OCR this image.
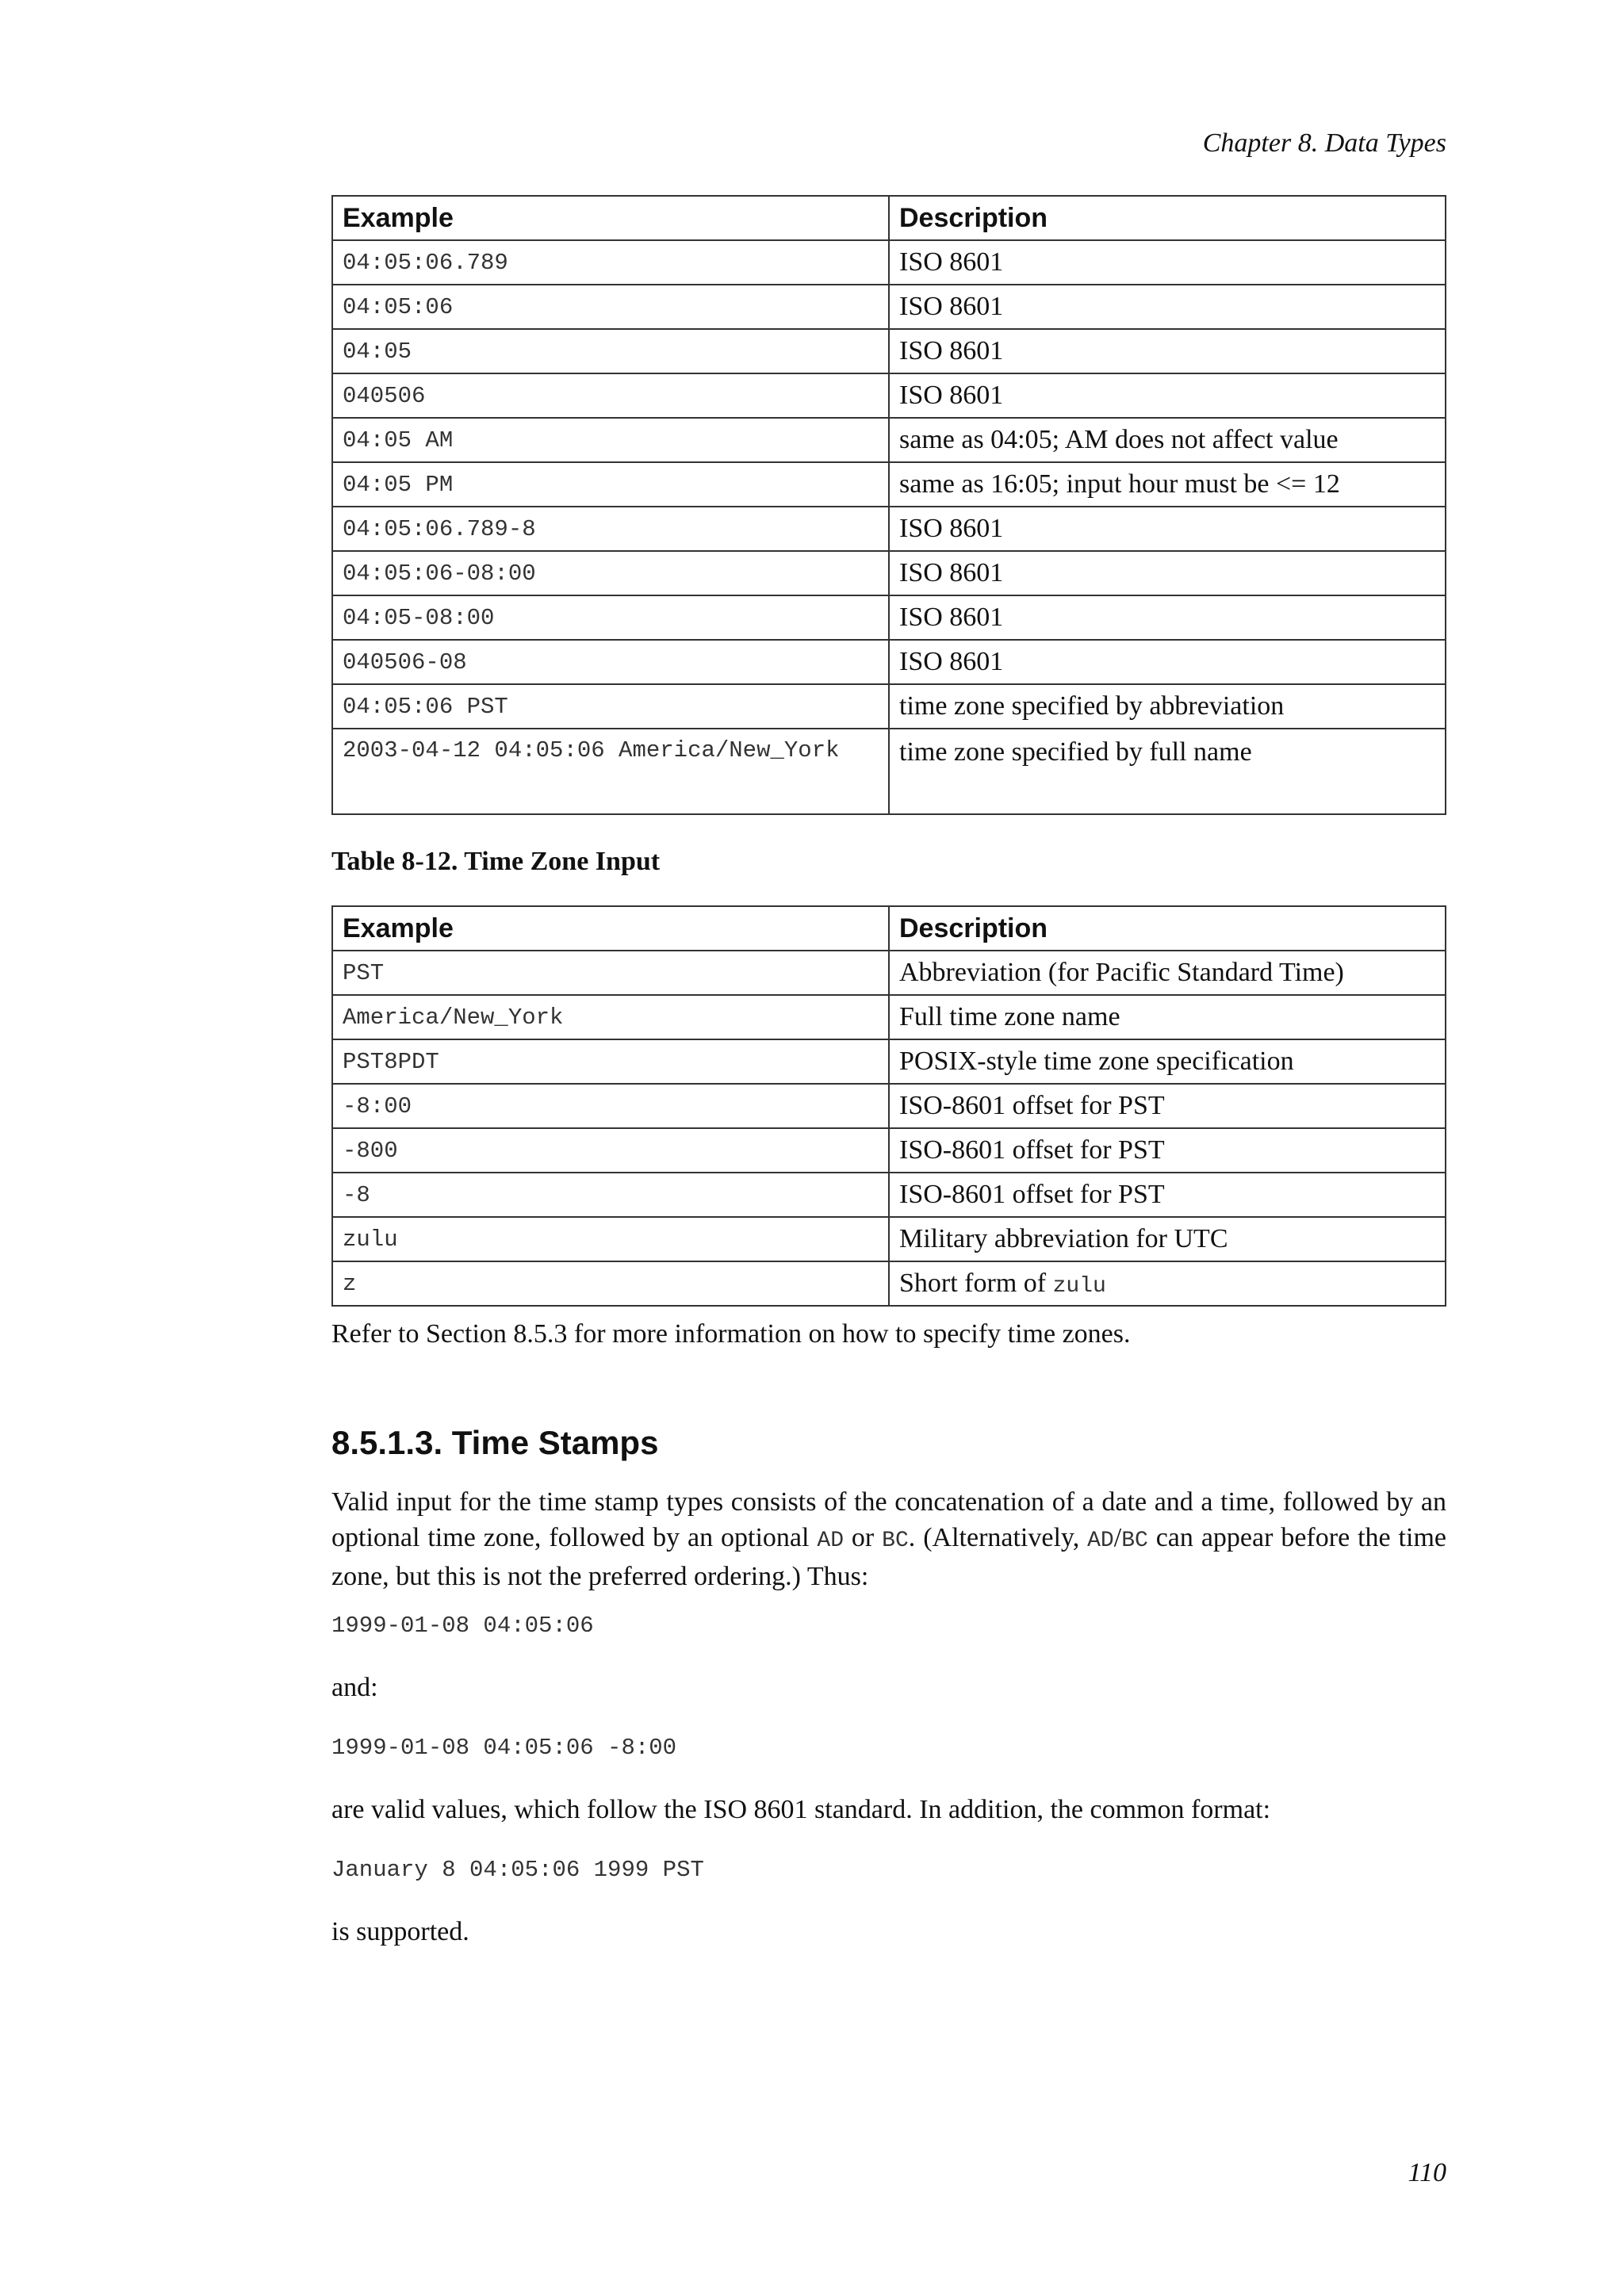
Chapter 8. Data Types
Example	Description
04:05:06.789	ISO 8601
04:05:06	ISO 8601
04:05	ISO 8601
040506	ISO 8601
04:05 AM	same as 04:05; AM does not affect value
04:05 PM	same as 16:05; input hour must be <= 12
04:05:06.789-8	ISO 8601
04:05:06-08:00	ISO 8601
04:05-08:00	ISO 8601
040506-08	ISO 8601
04:05:06 PST	time zone specified by abbreviation
2003-04-12 04:05:06 America/New_York	time zone specified by full name
Table 8-12. Time Zone Input
Example	Description
PST	Abbreviation (for Pacific Standard Time)
America/New_York	Full time zone name
PST8PDT	POSIX-style time zone specification
-8:00	ISO-8601 offset for PST
-800	ISO-8601 offset for PST
-8	ISO-8601 offset for PST
zulu	Military abbreviation for UTC
z	Short form of zulu
Refer to Section 8.5.3 for more information on how to specify time zones.
8.5.1.3. Time Stamps

Valid input for the time stamp types consists of the concatenation of a date and a time, followed by an optional time zone, followed by an optional AD or BC. (Alternatively, AD/BC can appear before the time zone, but this is not the preferred ordering.) Thus:

1999-01-08 04:05:06
and:
1999-01-08 04:05:06 -8:00
are valid values, which follow the ISO 8601 standard. In addition, the common format:
January 8 04:05:06 1999 PST
is supported.
110
